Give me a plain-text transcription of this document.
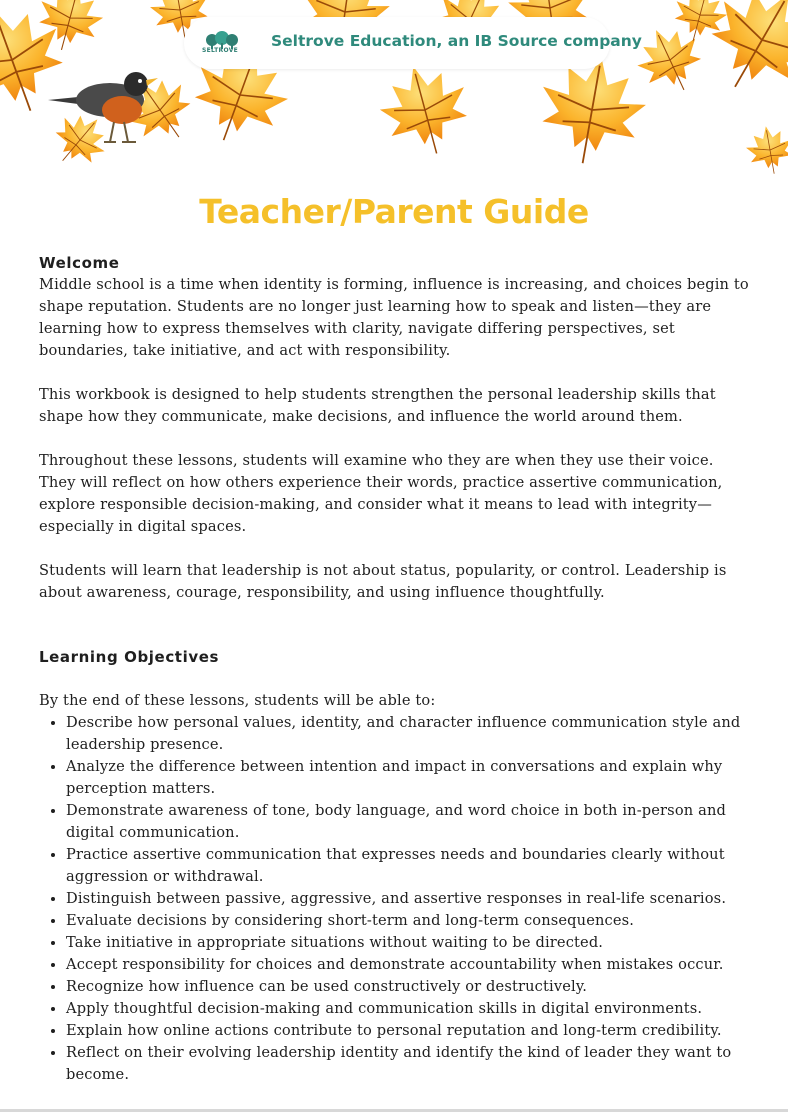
SELTROVE
Seltrove Education, an IB Source company
Teacher/Parent Guide
Welcome

Middle school is a time when identity is forming, influence is increasing, and choices begin to shape reputation. Students are no longer just learning how to speak and listen—they are learning how to express themselves with clarity, navigate differing perspectives, set boundaries, take initiative, and act with responsibility.

This workbook is designed to help students strengthen the personal leadership skills that shape how they communicate, make decisions, and influence the world around them.

Throughout these lessons, students will examine who they are when they use their voice. They will reflect on how others experience their words, practice assertive communication, explore responsible decision-making, and consider what it means to lead with integrity—especially in digital spaces.

Students will learn that leadership is not about status, popularity, or control. Leadership is about awareness, courage, responsibility, and using influence thoughtfully.

Learning Objectives

By the end of these lessons, students will be able to:

• Describe how personal values, identity, and character influence communication style and leadership presence.
• Analyze the difference between intention and impact in conversations and explain why perception matters.
• Demonstrate awareness of tone, body language, and word choice in both in-person and digital communication.
• Practice assertive communication that expresses needs and boundaries clearly without aggression or withdrawal.
• Distinguish between passive, aggressive, and assertive responses in real-life scenarios.
• Evaluate decisions by considering short-term and long-term consequences.
• Take initiative in appropriate situations without waiting to be directed.
• Accept responsibility for choices and demonstrate accountability when mistakes occur.
• Recognize how influence can be used constructively or destructively.
• Apply thoughtful decision-making and communication skills in digital environments.
• Explain how online actions contribute to personal reputation and long-term credibility.
• Reflect on their evolving leadership identity and identify the kind of leader they want to become.
